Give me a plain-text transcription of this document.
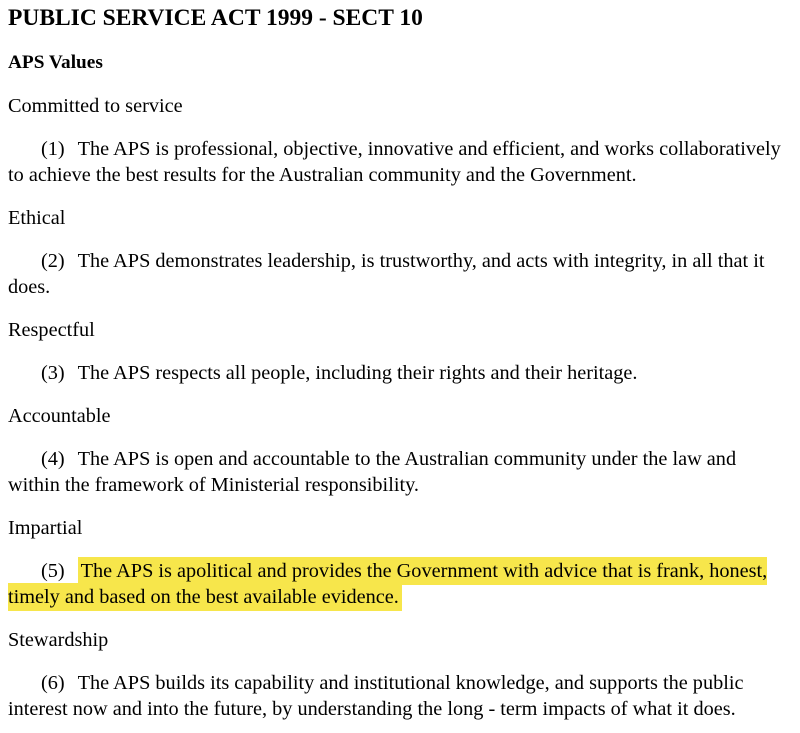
PUBLIC SERVICE ACT 1999 - SECT 10

APS Values

Committed to service

(1) The APS is professional, objective, innovative and efficient, and works collaboratively to achieve the best results for the Australian community and the Government.

Ethical

(2) The APS demonstrates leadership, is trustworthy, and acts with integrity, in all that it does.

Respectful

(3) The APS respects all people, including their rights and their heritage.

Accountable

(4) The APS is open and accountable to the Australian community under the law and within the framework of Ministerial responsibility.

Impartial

(5) The APS is apolitical and provides the Government with advice that is frank, honest, timely and based on the best available evidence.

Stewardship

(6) The APS builds its capability and institutional knowledge, and supports the public interest now and into the future, by understanding the long - term impacts of what it does.
